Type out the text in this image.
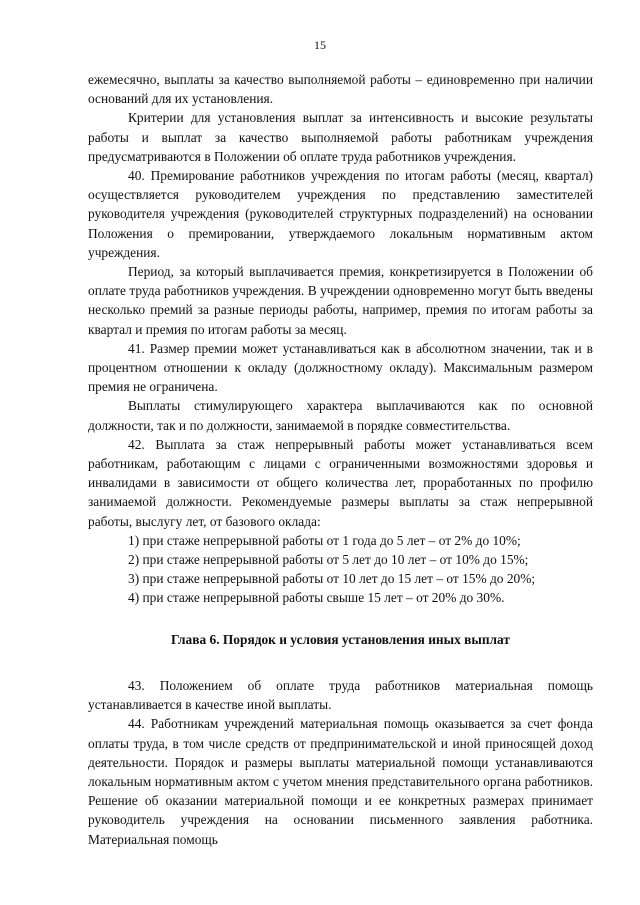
15

ежемесячно, выплаты за качество выполняемой работы – единовременно при наличии оснований для их установления.

Критерии для установления выплат за интенсивность и высокие результаты работы и выплат за качество выполняемой работы работникам учреждения предусматриваются в Положении об оплате труда работников учреждения.

40. Премирование работников учреждения по итогам работы (месяц, квартал) осуществляется руководителем учреждения по представлению заместителей руководителя учреждения (руководителей структурных подразделений) на основании Положения о премировании, утверждаемого локальным нормативным актом учреждения.

Период, за который выплачивается премия, конкретизируется в Положении об оплате труда работников учреждения. В учреждении одновременно могут быть введены несколько премий за разные периоды работы, например, премия по итогам работы за квартал и премия по итогам работы за месяц.

41. Размер премии может устанавливаться как в абсолютном значении, так и в процентном отношении к окладу (должностному окладу). Максимальным размером премия не ограничена.

Выплаты стимулирующего характера выплачиваются как по основной должности, так и по должности, занимаемой в порядке совместительства.

42. Выплата за стаж непрерывный работы может устанавливаться всем работникам, работающим с лицами с ограниченными возможностями здоровья и инвалидами в зависимости от общего количества лет, проработанных по профилю занимаемой должности. Рекомендуемые размеры выплаты за стаж непрерывной работы, выслугу лет, от базового оклада:

1) при стаже непрерывной работы от 1 года до 5 лет – от 2% до 10%;

2) при стаже непрерывной работы от 5 лет до 10 лет – от 10% до 15%;

3) при стаже непрерывной работы от 10 лет до 15 лет – от 15% до 20%;

4) при стаже непрерывной работы свыше 15 лет – от 20% до 30%.

Глава 6. Порядок и условия установления иных выплат

43. Положением об оплате труда работников материальная помощь устанавливается в качестве иной выплаты.

44. Работникам учреждений материальная помощь оказывается за счет фонда оплаты труда, в том числе средств от предпринимательской и иной приносящей доход деятельности. Порядок и размеры выплаты материальной помощи устанавливаются локальным нормативным актом с учетом мнения представительного органа работников. Решение об оказании материальной помощи и ее конкретных размерах принимает руководитель учреждения на основании письменного заявления работника. Материальная помощь
